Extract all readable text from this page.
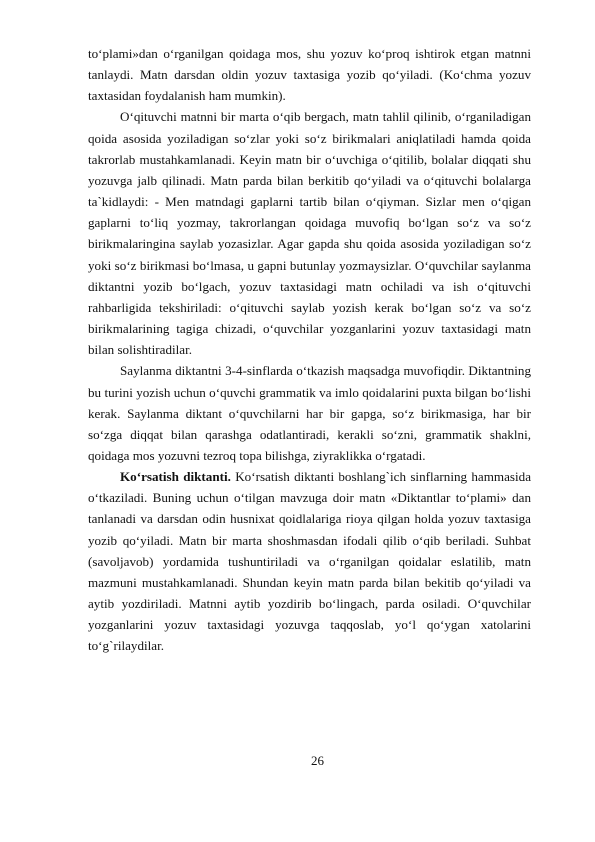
to‘plami»dan o‘rganilgan qoidaga mos, shu yozuv ko‘proq ishtirok etgan matnni tanlaydi. Matn darsdan oldin yozuv taxtasiga yozib qo‘yiladi. (Ko‘chma yozuv taxtasidan foydalanish ham mumkin).

O‘qituvchi matnni bir marta o‘qib bergach, matn tahlil qilinib, o‘rganiladigan qoida asosida yoziladigan so‘zlar yoki so‘z birikmalari aniqlatiladi hamda qoida takrorlab mustahkamlanadi. Keyin matn bir o‘uvchiga o‘qitilib, bolalar diqqati shu yozuvga jalb qilinadi. Matn parda bilan berkitib qo‘yiladi va o‘qituvchi bolalarga ta`kidlaydi: - Men matndagi gaplarni tartib bilan o‘qiyman. Sizlar men o‘qigan gaplarni to‘liq yozmay, takrorlangan qoidaga muvofiq bo‘lgan so‘z va so‘z birikmalaringina saylab yozasizlar. Agar gapda shu qoida asosida yoziladigan so‘z yoki so‘z birikmasi bo‘lmasa, u gapni butunlay yozmaysizlar. O‘quvchilar saylanma diktantni yozib bo‘lgach, yozuv taxtasidagi matn ochiladi va ish o‘qituvchi rahbarligida tekshiriladi: o‘qituvchi saylab yozish kerak bo‘lgan so‘z va so‘z birikmalarining tagiga chizadi, o‘quvchilar yozganlarini yozuv taxtasidagi matn bilan solishtiradilar.

Saylanma diktantni 3-4-sinflarda o‘tkazish maqsadga muvofiqdir. Diktantning bu turini yozish uchun o‘quvchi grammatik va imlo qoidalarini puxta bilgan bo‘lishi kerak. Saylanma diktant o‘quvchilarni har bir gapga, so‘z birikmasiga, har bir so‘zga diqqat bilan qarashga odatlantiradi, kerakli so‘zni, grammatik shaklni, qoidaga mos yozuvni tezroq topa bilishga, ziyraklikka o‘rgatadi.

Ko‘rsatish diktanti. Ko‘rsatish diktanti boshlang`ich sinflarning hammasida o‘tkaziladi. Buning uchun o‘tilgan mavzuga doir matn «Diktantlar to‘plami» dan tanlanadi va darsdan odin husnixat qoidlalariga rioya qilgan holda yozuv taxtasiga yozib qo‘yiladi. Matn bir marta shoshmasdan ifodali qilib o‘qib beriladi. Suhbat (savoljavob) yordamida tushuntiriladi va o‘rganilgan qoidalar eslatilib, matn mazmuni mustahkamlanadi. Shundan keyin matn parda bilan bekitib qo‘yiladi va aytib yozdiriladi. Matnni aytib yozdirib bo‘lingach, parda osiladi. O‘quvchilar yozganlarini yozuv taxtasidagi yozuvga taqqoslab, yo‘l qo‘ygan xatolarini to‘g`rilaydilar.

26
